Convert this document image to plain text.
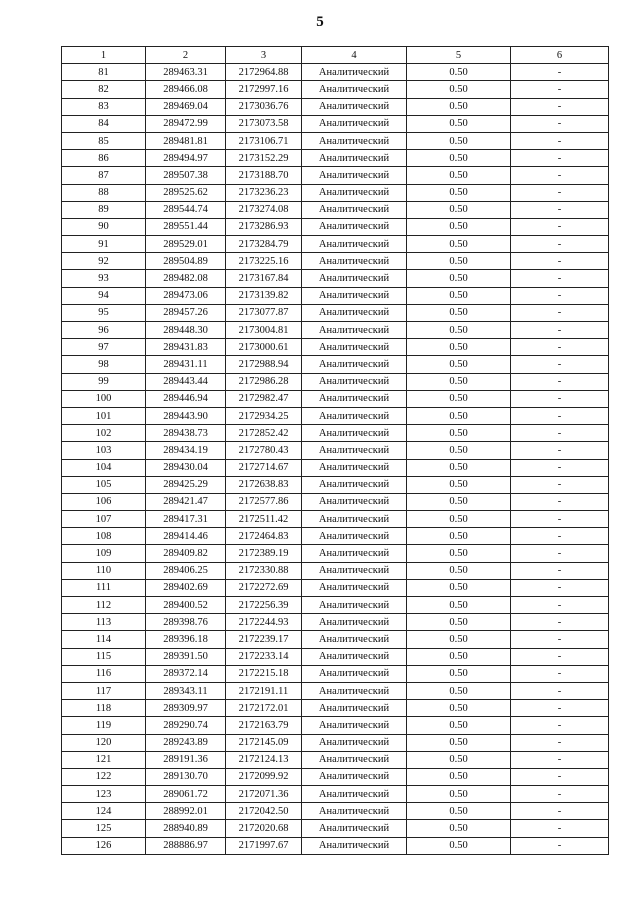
5
1	2	3	4	5	6
81	289463.31	2172964.88	Аналитический	0.50	-
82	289466.08	2172997.16	Аналитический	0.50	-
83	289469.04	2173036.76	Аналитический	0.50	-
84	289472.99	2173073.58	Аналитический	0.50	-
85	289481.81	2173106.71	Аналитический	0.50	-
86	289494.97	2173152.29	Аналитический	0.50	-
87	289507.38	2173188.70	Аналитический	0.50	-
88	289525.62	2173236.23	Аналитический	0.50	-
89	289544.74	2173274.08	Аналитический	0.50	-
90	289551.44	2173286.93	Аналитический	0.50	-
91	289529.01	2173284.79	Аналитический	0.50	-
92	289504.89	2173225.16	Аналитический	0.50	-
93	289482.08	2173167.84	Аналитический	0.50	-
94	289473.06	2173139.82	Аналитический	0.50	-
95	289457.26	2173077.87	Аналитический	0.50	-
96	289448.30	2173004.81	Аналитический	0.50	-
97	289431.83	2173000.61	Аналитический	0.50	-
98	289431.11	2172988.94	Аналитический	0.50	-
99	289443.44	2172986.28	Аналитический	0.50	-
100	289446.94	2172982.47	Аналитический	0.50	-
101	289443.90	2172934.25	Аналитический	0.50	-
102	289438.73	2172852.42	Аналитический	0.50	-
103	289434.19	2172780.43	Аналитический	0.50	-
104	289430.04	2172714.67	Аналитический	0.50	-
105	289425.29	2172638.83	Аналитический	0.50	-
106	289421.47	2172577.86	Аналитический	0.50	-
107	289417.31	2172511.42	Аналитический	0.50	-
108	289414.46	2172464.83	Аналитический	0.50	-
109	289409.82	2172389.19	Аналитический	0.50	-
110	289406.25	2172330.88	Аналитический	0.50	-
111	289402.69	2172272.69	Аналитический	0.50	-
112	289400.52	2172256.39	Аналитический	0.50	-
113	289398.76	2172244.93	Аналитический	0.50	-
114	289396.18	2172239.17	Аналитический	0.50	-
115	289391.50	2172233.14	Аналитический	0.50	-
116	289372.14	2172215.18	Аналитический	0.50	-
117	289343.11	2172191.11	Аналитический	0.50	-
118	289309.97	2172172.01	Аналитический	0.50	-
119	289290.74	2172163.79	Аналитический	0.50	-
120	289243.89	2172145.09	Аналитический	0.50	-
121	289191.36	2172124.13	Аналитический	0.50	-
122	289130.70	2172099.92	Аналитический	0.50	-
123	289061.72	2172071.36	Аналитический	0.50	-
124	288992.01	2172042.50	Аналитический	0.50	-
125	288940.89	2172020.68	Аналитический	0.50	-
126	288886.97	2171997.67	Аналитический	0.50	-
